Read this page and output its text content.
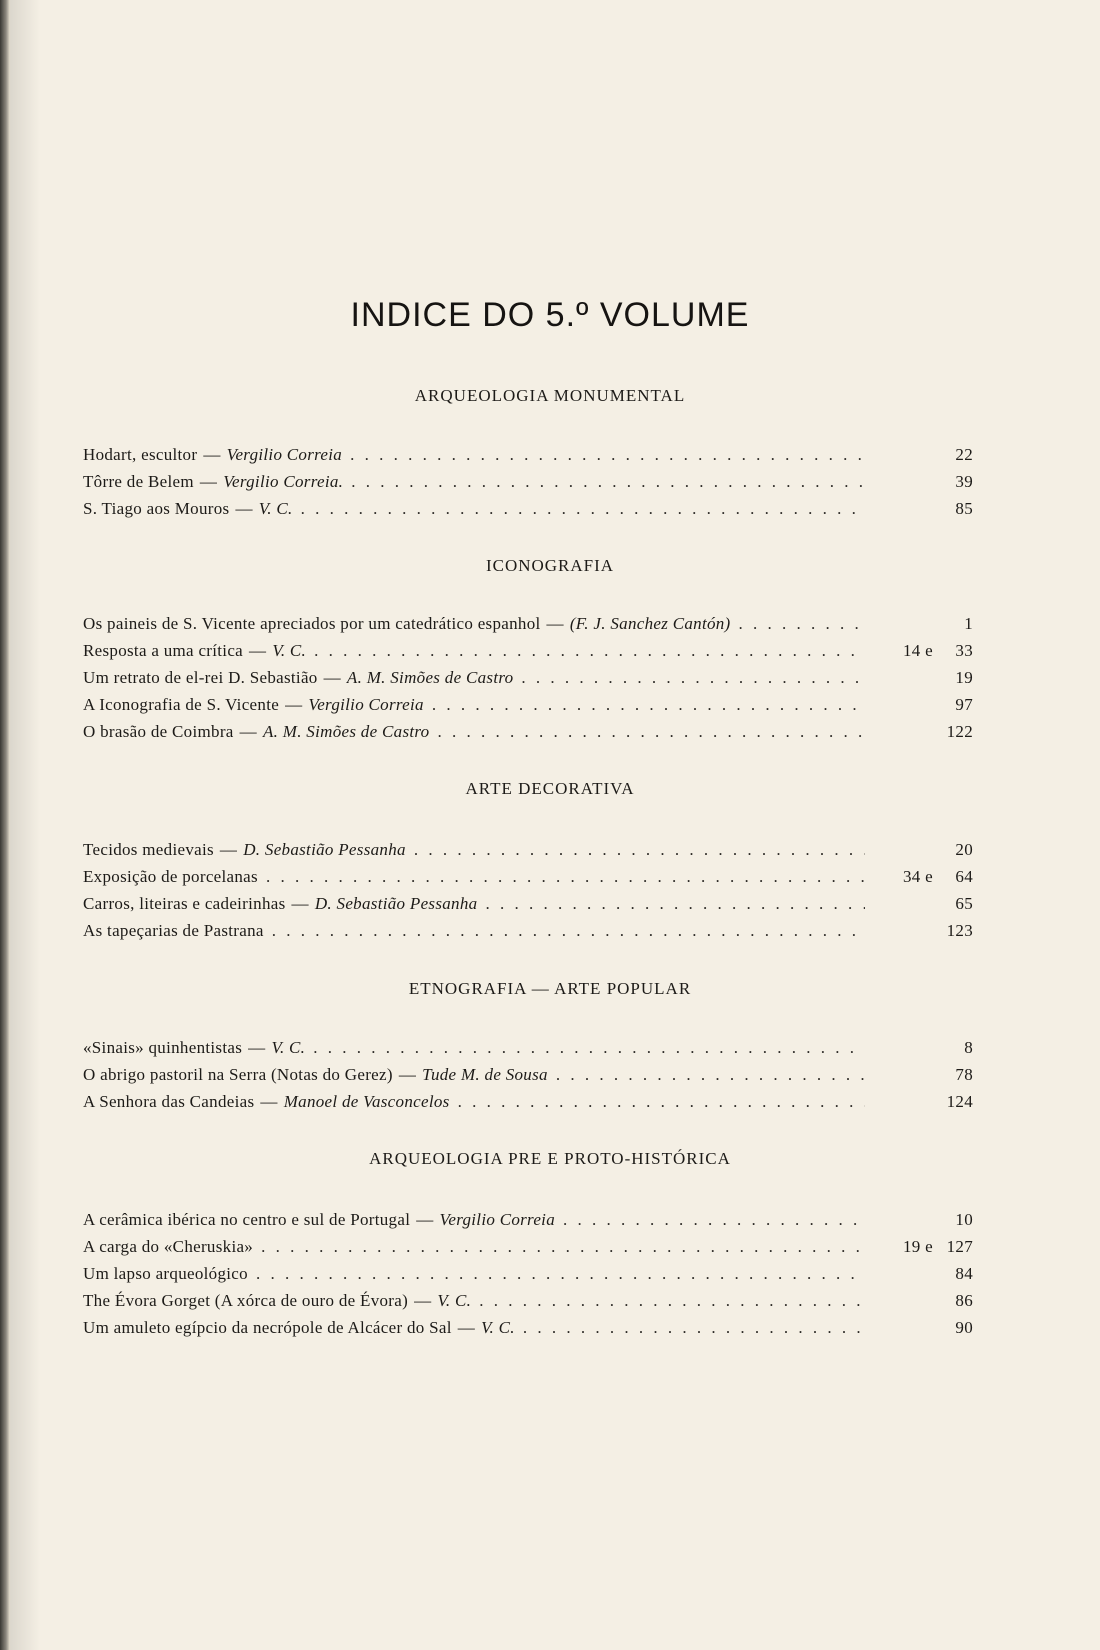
INDICE DO 5.º VOLUME
ARQUEOLOGIA MONUMENTAL
Hodart, escultor — Vergilio Correia . . .	22
Tôrre de Belem — Vergilio Correia. . . .	39
S. Tiago aos Mouros — V. C. . . .	85
ICONOGRAFIA
Os paineis de S. Vicente apreciados por um catedrático espanhol — (F. J. Sanchez Cantón) . . .	1
Resposta a uma crítica — V. C. . . .	14 e	33
Um retrato de el-rei D. Sebastião — A. M. Simões de Castro . . .	19
A Iconografia de S. Vicente — Vergilio Correia . . .	97
O brasão de Coimbra — A. M. Simões de Castro . . .	122
ARTE DECORATIVA
Tecidos medievais — D. Sebastião Pessanha . . .	20
Exposição de porcelanas . . .	34 e	64
Carros, liteiras e cadeirinhas — D. Sebastião Pessanha . . .	65
As tapeçarias de Pastrana . . .	123
ETNOGRAFIA — ARTE POPULAR
«Sinais» quinhentistas — V. C. . . .	8
O abrigo pastoril na Serra (Notas do Gerez) — Tude M. de Sousa . . .	78
A Senhora das Candeias — Manoel de Vasconcelos . . .	124
ARQUEOLOGIA PRE E PROTO-HISTÓRICA
A cerâmica ibérica no centro e sul de Portugal — Vergilio Correia . . .	10
A carga do «Cheruskia» . . .	19 e 127
Um lapso arqueológico . . .	84
The Évora Gorget (A xórca de ouro de Évora) — V. C. . . .	86
Um amuleto egípcio da necrópole de Alcácer do Sal — V. C. . . .	90
